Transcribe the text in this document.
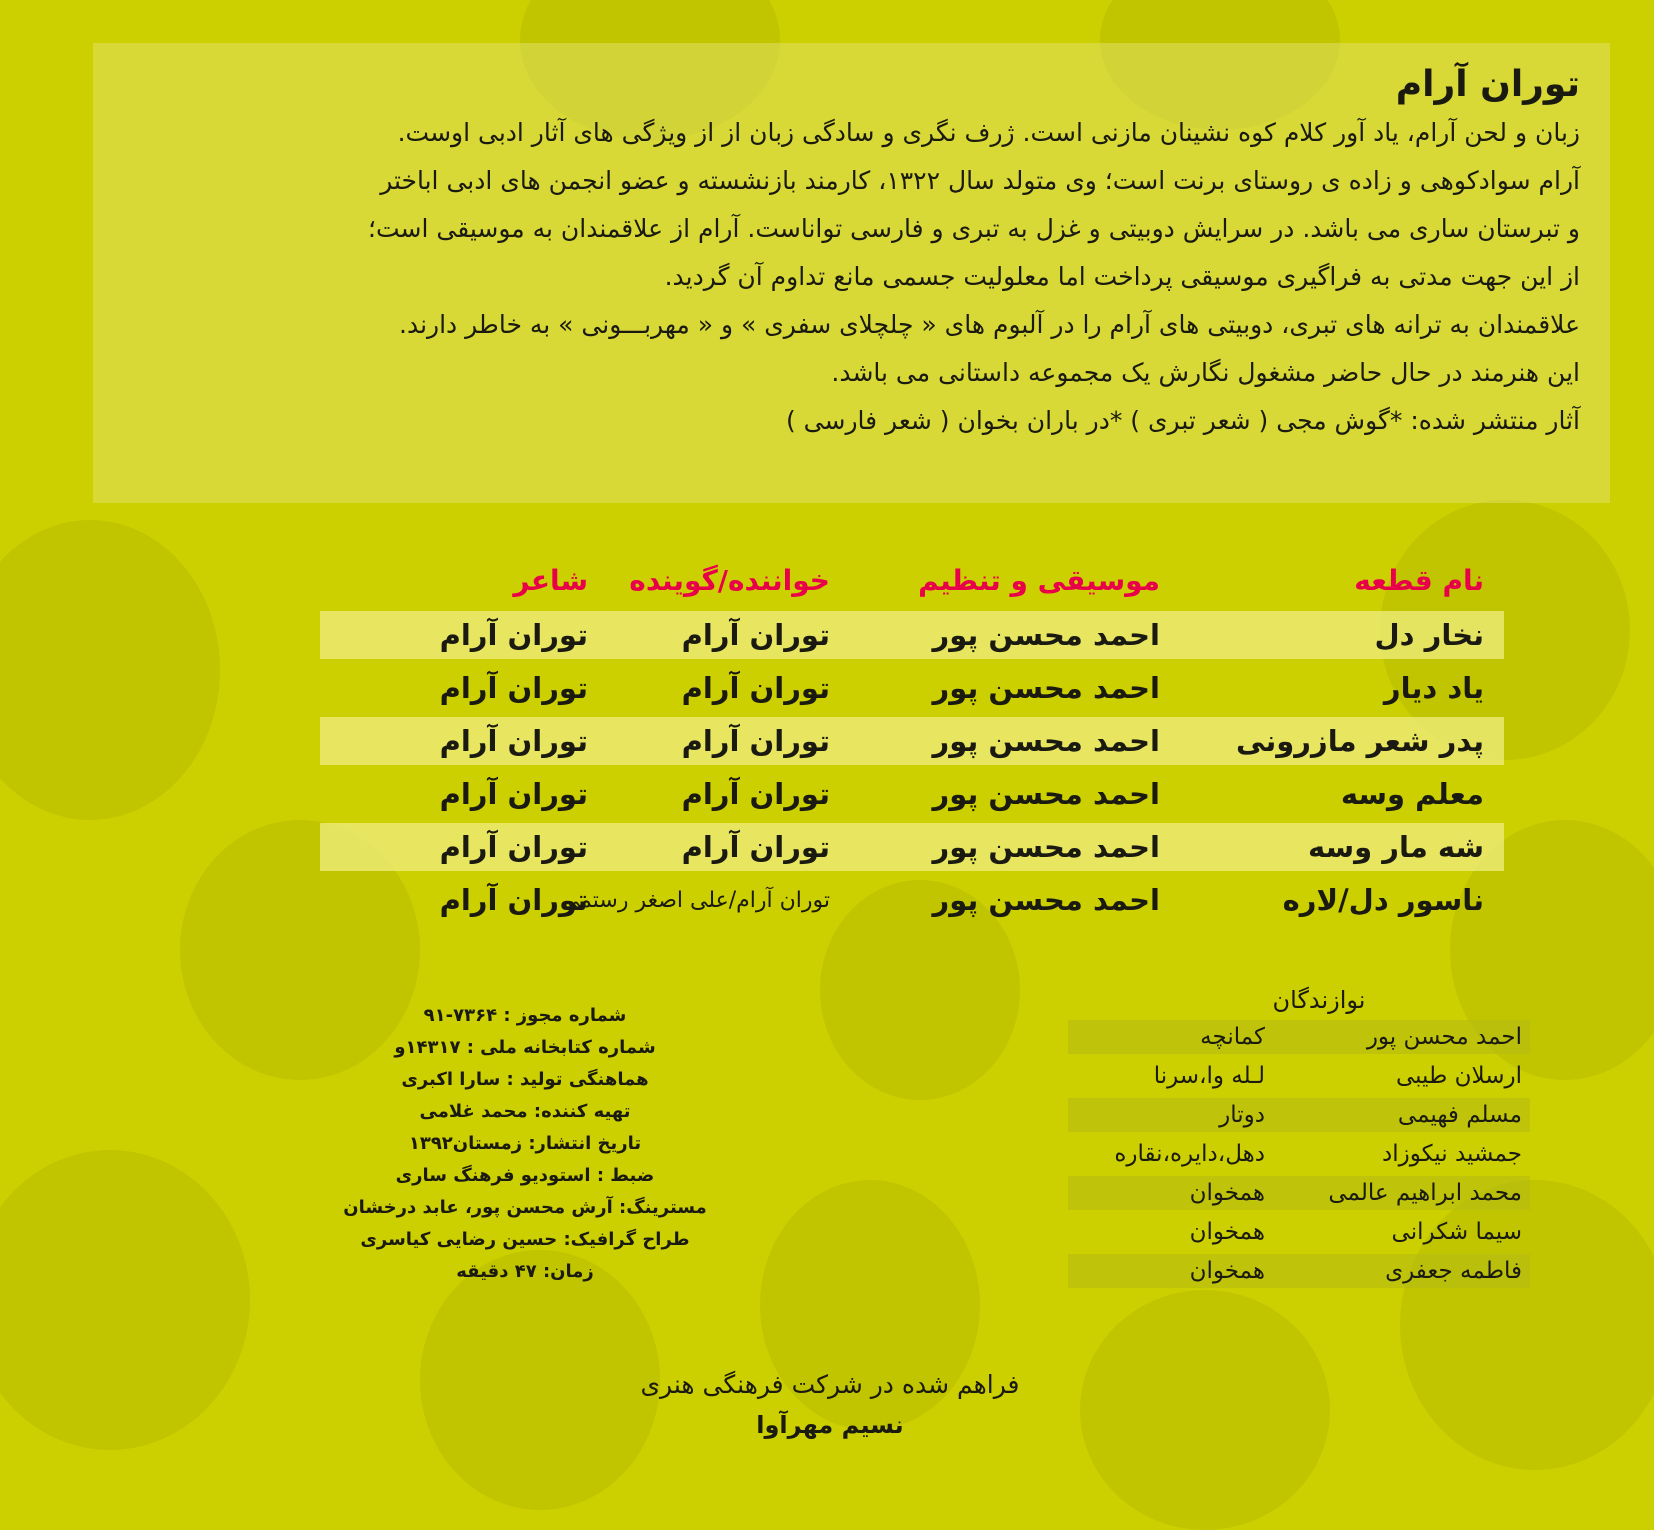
توران آرام

زبان و لحن آرام، یاد آور کلام کوه نشینان مازنی است. ژرف نگری و سادگی زبان از از ویژگی های آثار ادبی اوست.

آرام سوادکوهی و زاده ی روستای برنت است؛ وی متولد سال ۱۳۲۲، کارمند بازنشسته و عضو انجمن های ادبی اباختر

و تبرستان ساری می باشد. در سرایش دوبیتی و غزل به تبری و فارسی تواناست. آرام از علاقمندان به موسیقی است؛

از این جهت مدتی به فراگیری موسیقی پرداخت اما معلولیت جسمی مانع تداوم آن گردید.

علاقمندان به ترانه های تبری، دوبیتی های آرام را در آلبوم های « چلچلای سفری » و « مهربـــونی » به خاطر دارند.

این هنرمند در حال حاضر مشغول نگارش یک مجموعه داستانی می باشد.

آثار منتشر شده: *گوش مجی ( شعر تبری ) *در باران بخوان ( شعر فارسی )

نام قطعه
موسیقی و تنظیم
خواننده/گوینده
شاعر
نخار دل
احمد محسن پور
توران آرام
توران آرام
یاد دیار
احمد محسن پور
توران آرام
توران آرام
پدر شعر مازرونی
احمد محسن پور
توران آرام
توران آرام
معلم وسه
احمد محسن پور
توران آرام
توران آرام
شه مار وسه
احمد محسن پور
توران آرام
توران آرام
ناسور دل/لاره
احمد محسن پور
توران آرام/علی اصغر رستمی
توران آرام
نوازندگان
احمد محسن پور
کمانچه
ارسلان طیبی
لـله وا،سرنا
مسلم فهیمی
دوتار
جمشید نیکوزاد
دهل،دایره،نقاره
محمد ابراهیم عالمی
همخوان
سیما شکرانی
همخوان
فاطمه جعفری
همخوان
شماره مجوز : ۷۳۶۴-۹۱
شماره کتابخانه ملی : ۱۴۳۱۷و
هماهنگی تولید : سارا اکبری
تهیه کننده: محمد غلامی
تاریخ انتشار: زمستان۱۳۹۲
ضبط : استودیو فرهنگ ساری
مسترینگ: آرش محسن پور، عابد درخشان
طراح گرافیک: حسین رضایی کیاسری
زمان: ۴۷ دقیقه
فراهم شده در شرکت فرهنگی هنری
نسیم مهرآوا
